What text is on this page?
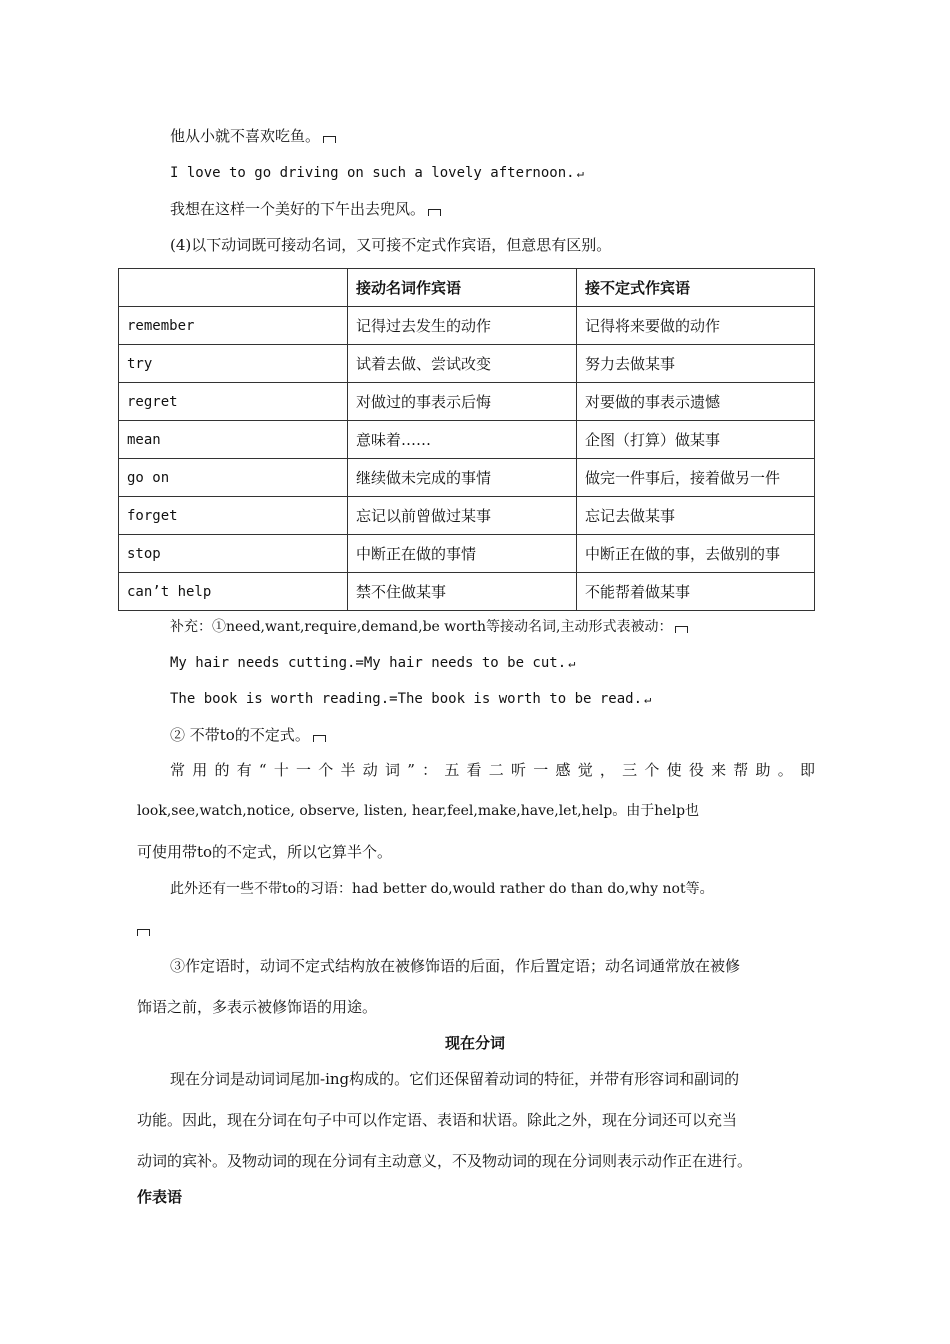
他从小就不喜欢吃鱼。
I love to go driving on such a lovely afternoon. ↵
我想在这样一个美好的下午出去兜风。
(4)以下动词既可接动名词，又可接不定式作宾语，但意思有区别。
	接动名词作宾语	接不定式作宾语
remember	记得过去发生的动作	记得将来要做的动作
try	试着去做、尝试改变	努力去做某事
regret	对做过的事表示后悔	对要做的事表示遗憾
mean	意味着……	企图（打算）做某事
go on	继续做未完成的事情	做完一件事后，接着做另一件
forget	忘记以前曾做过某事	忘记去做某事
stop	中断正在做的事情	中断正在做的事，去做别的事
can’t help	禁不住做某事	不能帮着做某事
补充：①need,want,require,demand,be worth等接动名词,主动形式表被动：
My hair needs cutting.=My hair needs to be cut. ↵
The book is worth reading.=The book is worth to be read. ↵
② 不带to的不定式。
常用的有“十一个半动词”：五看二听一感觉，三个使役来帮助。即
look,see,watch,notice, observe, listen, hear,feel,make,have,let,help。由于help也
可使用带to的不定式，所以它算半个。
此外还有一些不带to的习语：had better do,would rather do than do,why not等。
③作定语时，动词不定式结构放在被修饰语的后面，作后置定语；动名词通常放在被修
饰语之前，多表示被修饰语的用途。
现在分词
现在分词是动词词尾加-ing构成的。它们还保留着动词的特征，并带有形容词和副词的
功能。因此，现在分词在句子中可以作定语、表语和状语。除此之外，现在分词还可以充当
动词的宾补。及物动词的现在分词有主动意义，不及物动词的现在分词则表示动作正在进行。
作表语
